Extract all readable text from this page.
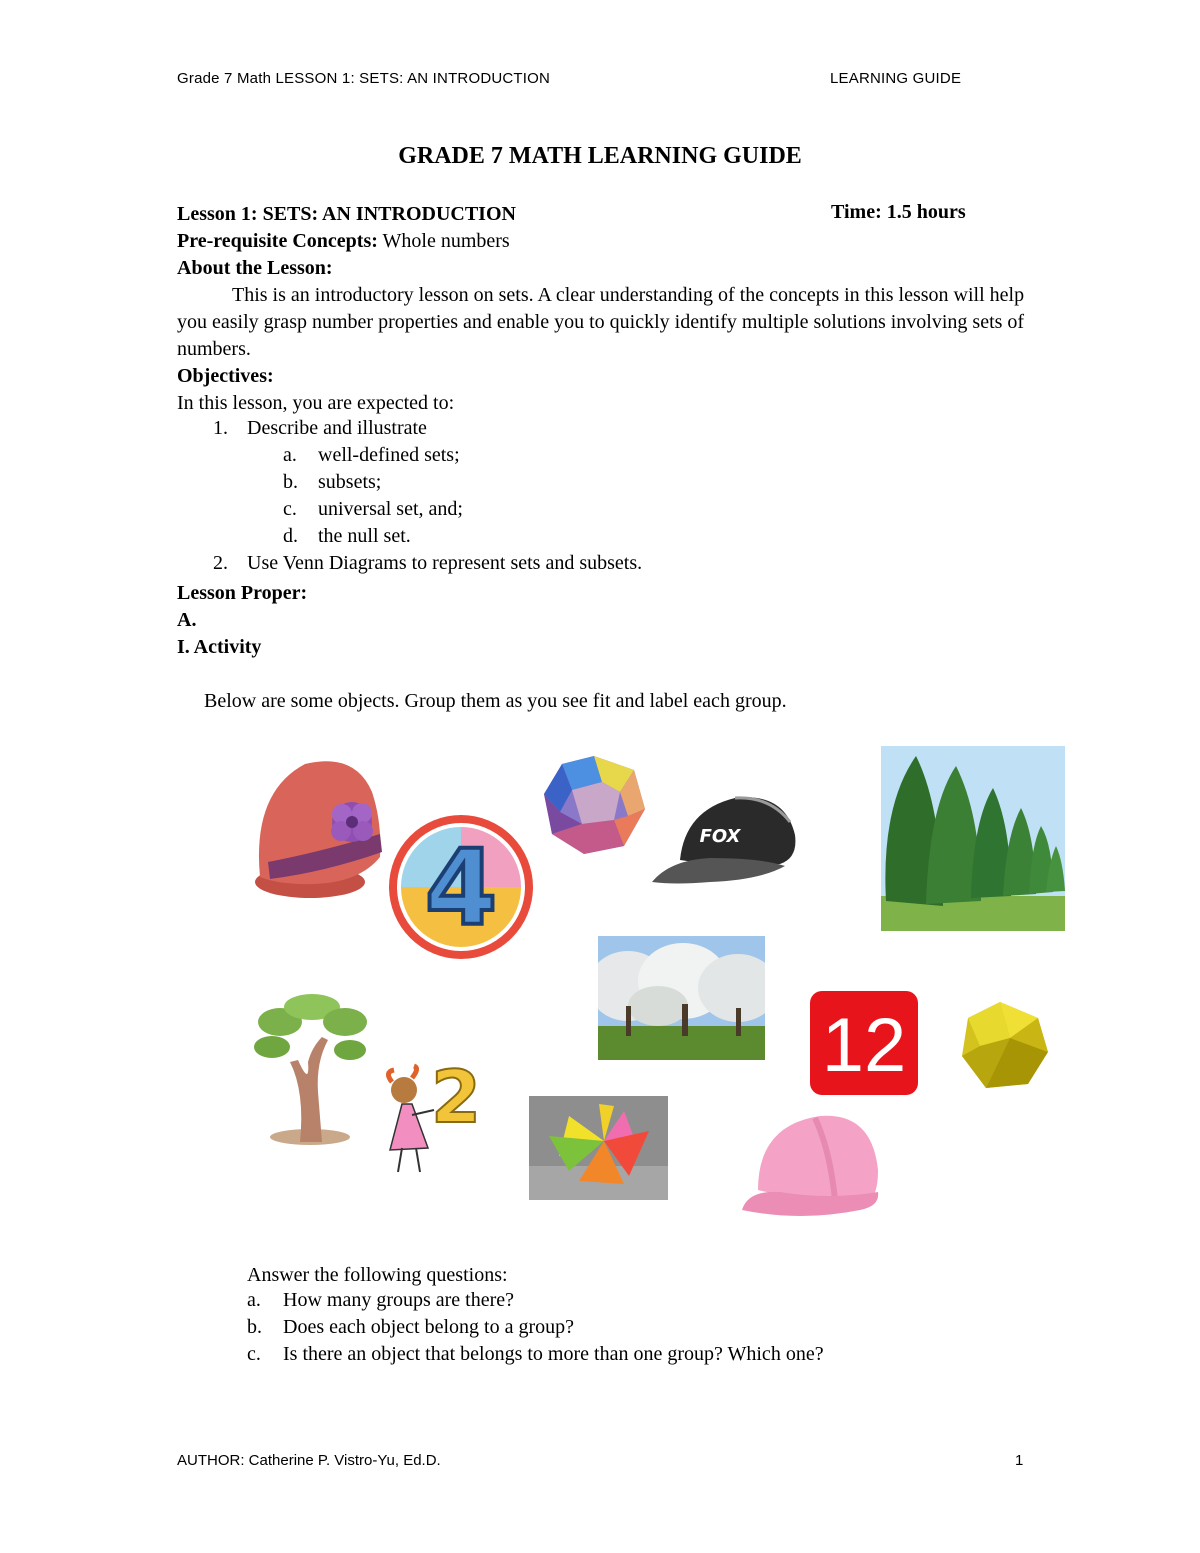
Grade 7 Math LESSON 1: SETS: AN INTRODUCTION	LEARNING GUIDE
GRADE 7 MATH LEARNING GUIDE
Lesson 1: SETS: AN INTRODUCTION	Time: 1.5 hours
Pre-requisite Concepts: Whole numbers
About the Lesson:
This is an introductory lesson on sets. A clear understanding of the concepts in this lesson will help you easily grasp number properties and enable you to quickly identify multiple solutions involving sets of numbers.
Objectives:
In this lesson, you are expected to:
1. Describe and illustrate
a. well-defined sets;
b. subsets;
c. universal set, and;
d. the null set.
2. Use Venn Diagrams to represent sets and subsets.
Lesson Proper:
A.
I. Activity
Below are some objects. Group them as you see fit and label each group.
4	FOX
12
2
Answer the following questions:
a. How many groups are there?
b. Does each object belong to a group?
c. Is there an object that belongs to more than one group? Which one?
AUTHOR: Catherine P. Vistro-Yu, Ed.D.	1
